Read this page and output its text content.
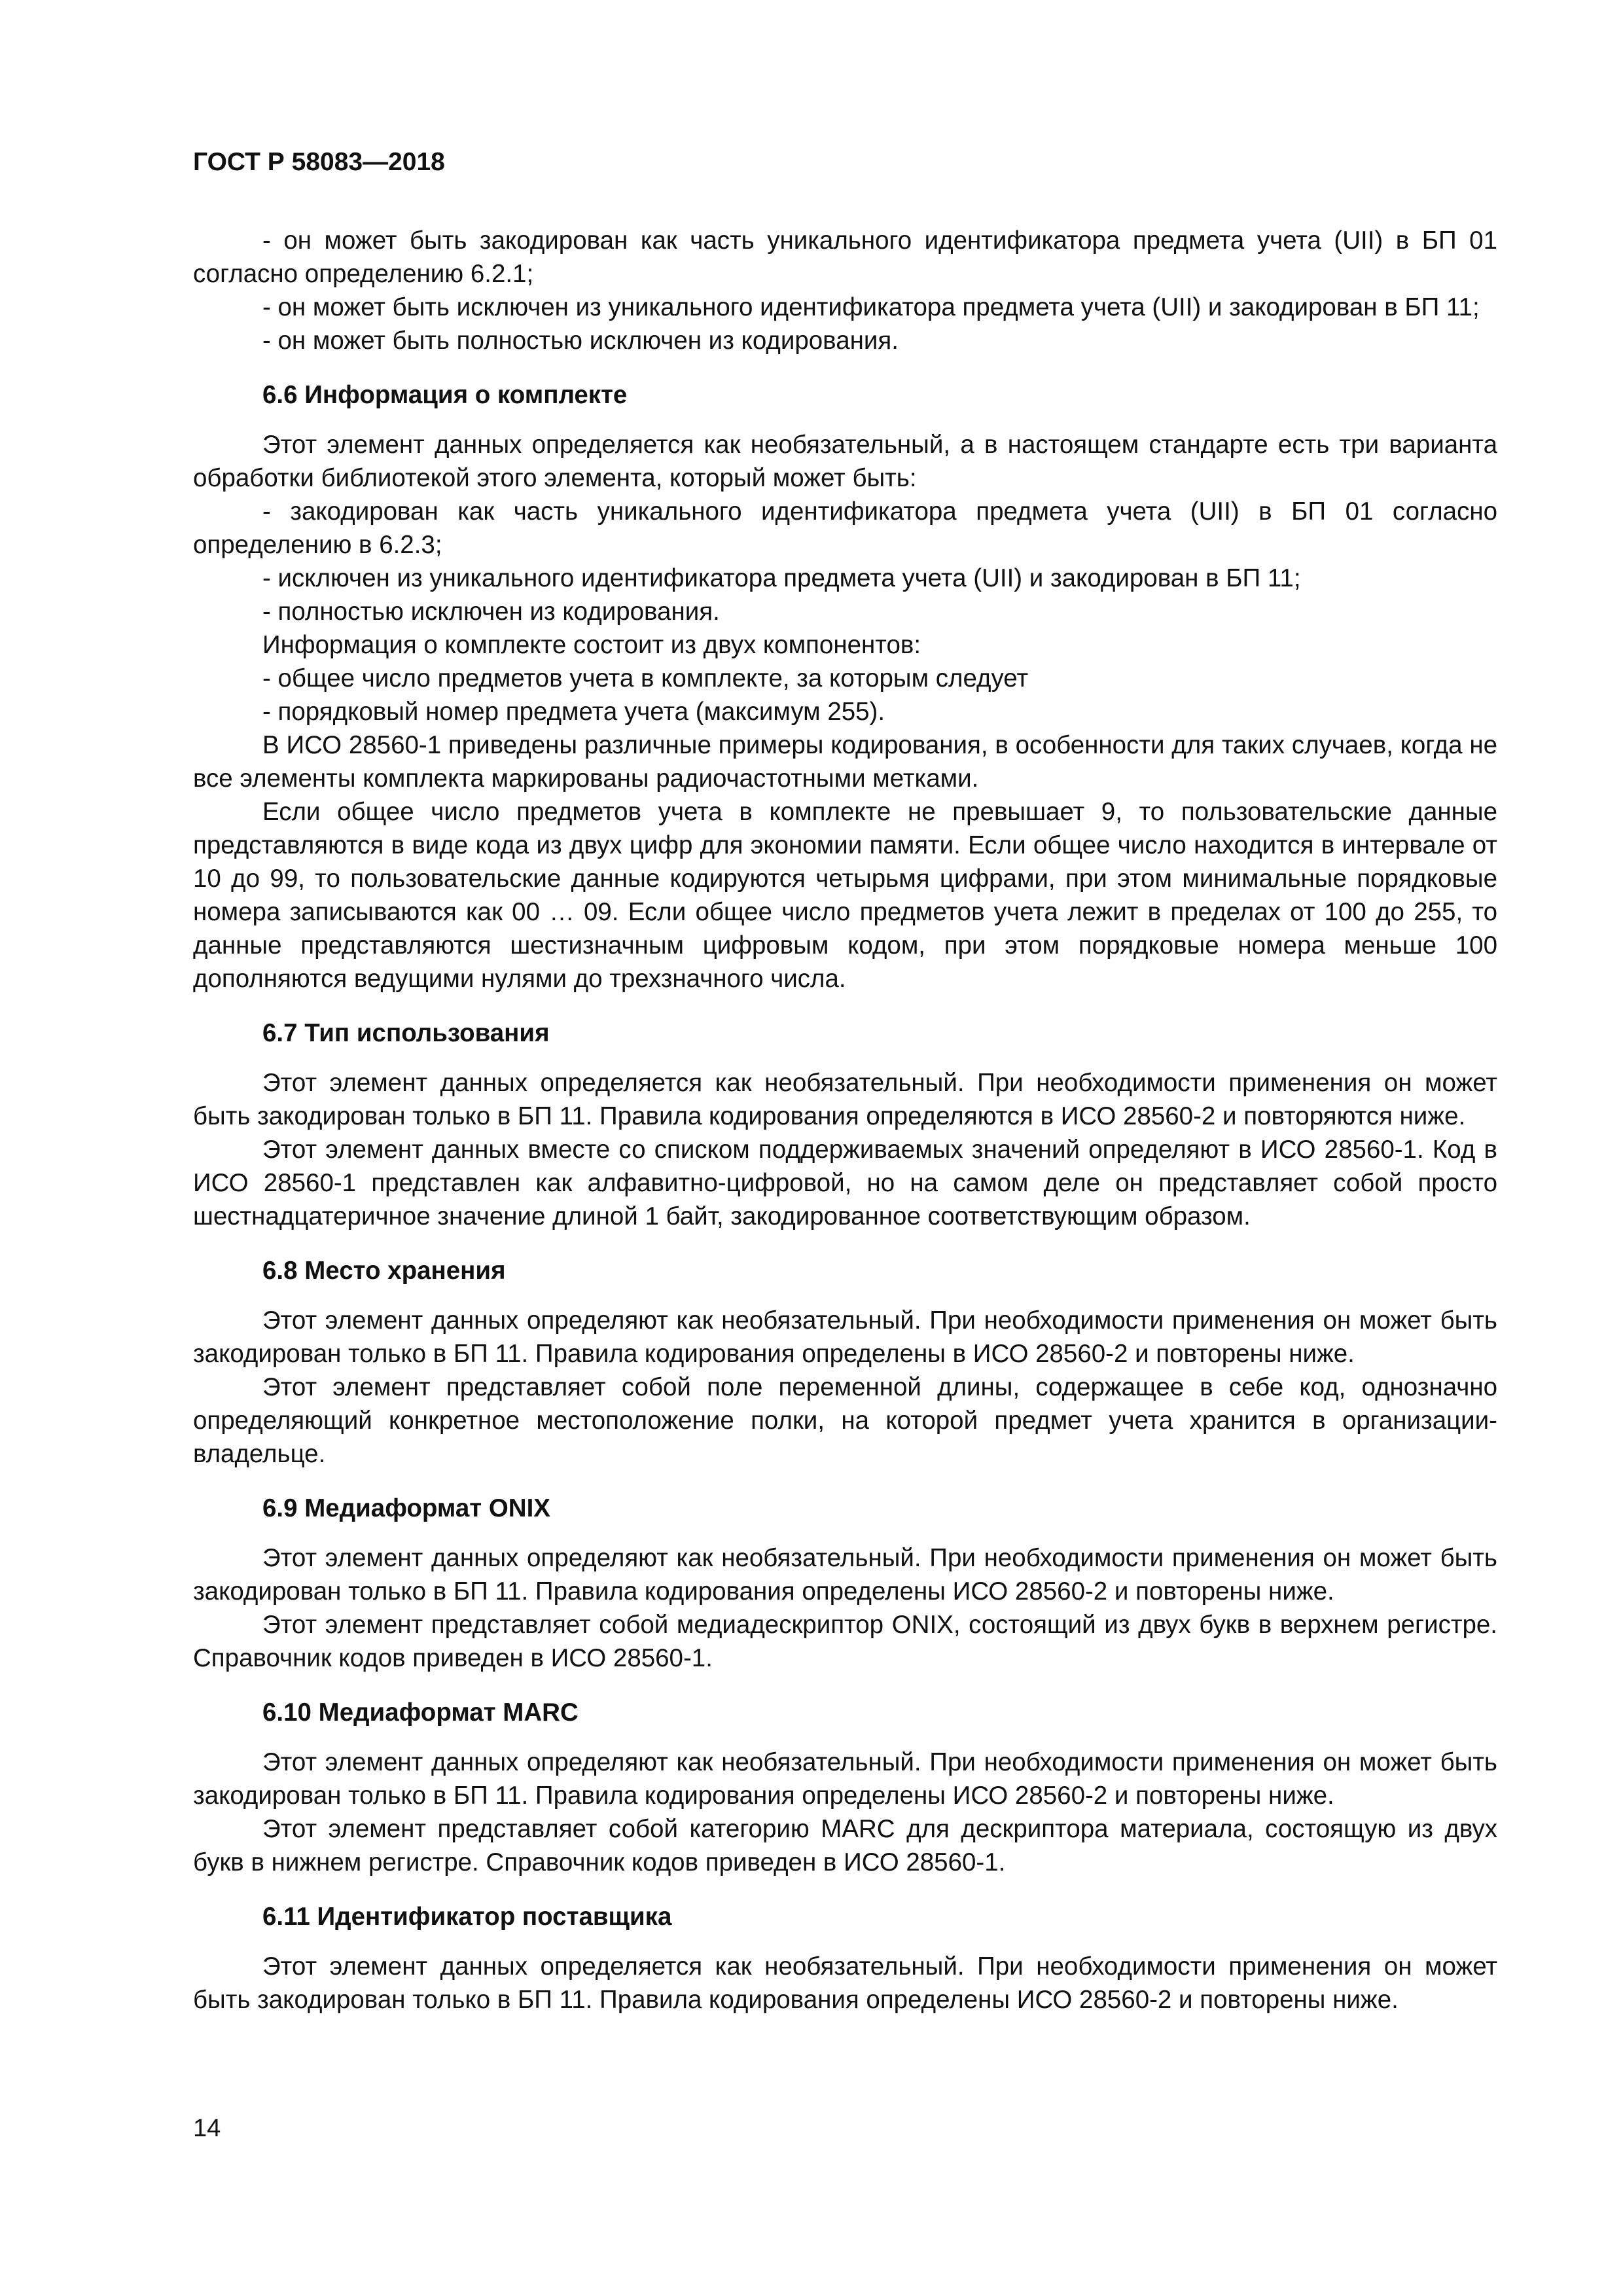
ГОСТ Р 58083—2018

- он может быть закодирован как часть уникального идентификатора предмета учета (UII) в БП 01 согласно определению 6.2.1;

- он может быть исключен из уникального идентификатора предмета учета (UII) и закодирован в БП 11;

- он может быть полностью исключен из кодирования.

6.6 Информация о комплекте

Этот элемент данных определяется как необязательный, а в настоящем стандарте есть три варианта обработки библиотекой этого элемента, который может быть:

- закодирован как часть уникального идентификатора предмета учета (UII) в БП 01 согласно определению в 6.2.3;

- исключен из уникального идентификатора предмета учета (UII) и закодирован в БП 11;

- полностью исключен из кодирования.

Информация о комплекте состоит из двух компонентов:

- общее число предметов учета в комплекте, за которым следует

- порядковый номер предмета учета (максимум 255).

В ИСО 28560-1 приведены различные примеры кодирования, в особенности для таких случаев, когда не все элементы комплекта маркированы радиочастотными метками.

Если общее число предметов учета в комплекте не превышает 9, то пользовательские данные представляются в виде кода из двух цифр для экономии памяти. Если общее число находится в интервале от 10 до 99, то пользовательские данные кодируются четырьмя цифрами, при этом минимальные порядковые номера записываются как 00 … 09. Если общее число предметов учета лежит в пределах от 100 до 255, то данные представляются шестизначным цифровым кодом, при этом порядковые номера меньше 100 дополняются ведущими нулями до трехзначного числа.

6.7 Тип использования

Этот элемент данных определяется как необязательный. При необходимости применения он может быть закодирован только в БП 11. Правила кодирования определяются в ИСО 28560-2 и повторяются ниже.

Этот элемент данных вместе со списком поддерживаемых значений определяют в ИСО 28560-1. Код в ИСО 28560-1 представлен как алфавитно-цифровой, но на самом деле он представляет собой просто шестнадцатеричное значение длиной 1 байт, закодированное соответствующим образом.

6.8 Место хранения

Этот элемент данных определяют как необязательный. При необходимости применения он может быть закодирован только в БП 11. Правила кодирования определены в ИСО 28560-2 и повторены ниже.

Этот элемент представляет собой поле переменной длины, содержащее в себе код, однозначно определяющий конкретное местоположение полки, на которой предмет учета хранится в организации-владельце.

6.9 Медиаформат ONIX

Этот элемент данных определяют как необязательный. При необходимости применения он может быть закодирован только в БП 11. Правила кодирования определены ИСО 28560-2 и повторены ниже.

Этот элемент представляет собой медиадескриптор ONIX, состоящий из двух букв в верхнем регистре. Справочник кодов приведен в ИСО 28560-1.

6.10 Медиаформат MARC

Этот элемент данных определяют как необязательный. При необходимости применения он может быть закодирован только в БП 11. Правила кодирования определены ИСО 28560-2 и повторены ниже.

Этот элемент представляет собой категорию MARC для дескриптора материала, состоящую из двух букв в нижнем регистре. Справочник кодов приведен в ИСО 28560-1.

6.11 Идентификатор поставщика

Этот элемент данных определяется как необязательный. При необходимости применения он может быть закодирован только в БП 11. Правила кодирования определены ИСО 28560-2 и повторены ниже.

14
